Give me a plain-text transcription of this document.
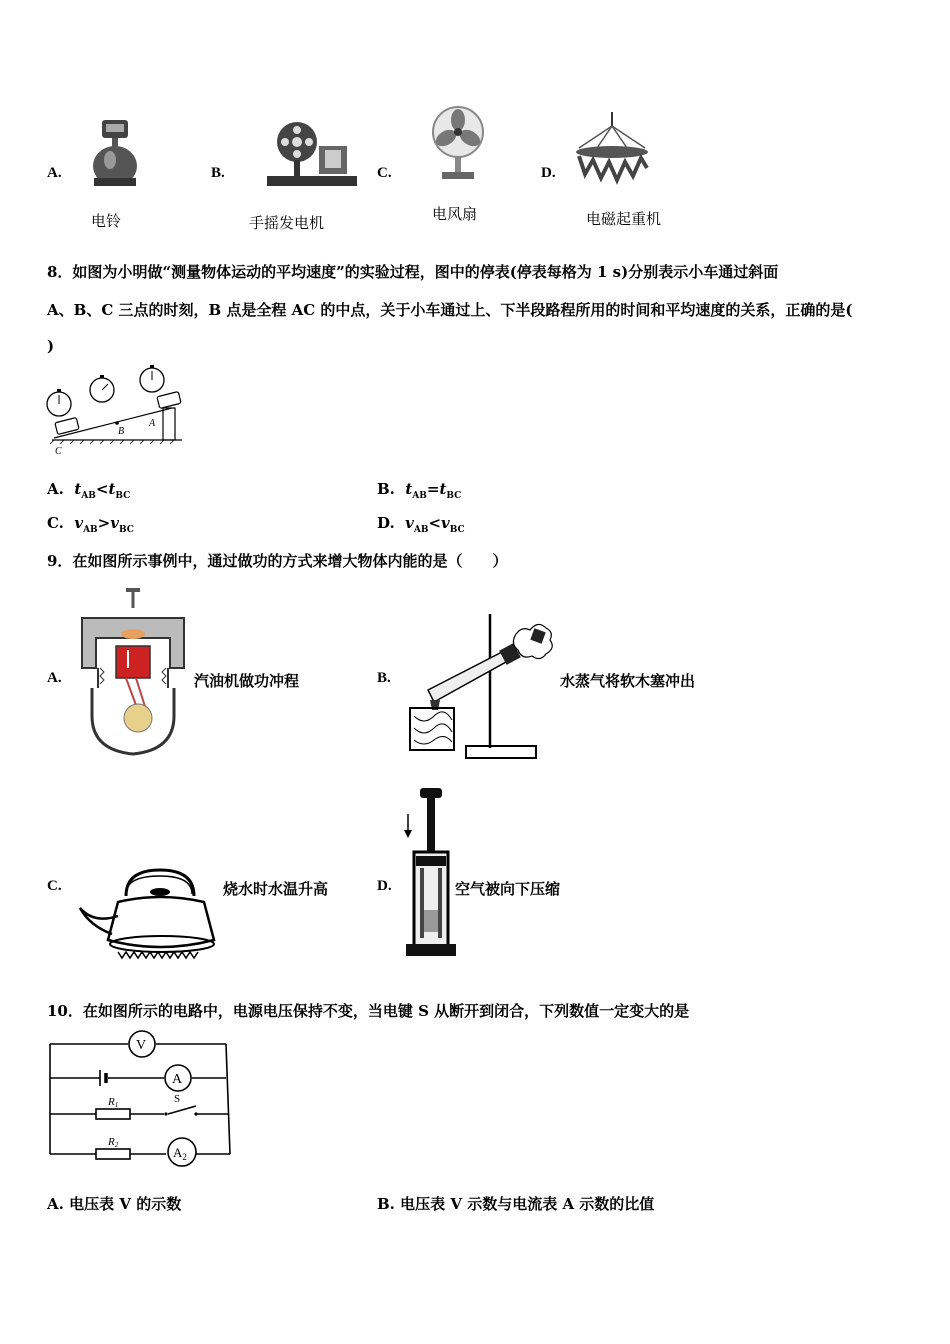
A.
电铃
B.
手摇发电机
C.
电风扇
D.
电磁起重机
8．如图为小明做“测量物体运动的平均速度”的实验过程，图中的停表(停表每格为 1 s)分别表示小车通过斜面
A、B、C 三点的时刻，B 点是全程 AC 的中点，关于小车通过上、下半段路程所用的时间和平均速度的关系，正确的是(
)
A
B
C
A. $t_{AB}<t_{BC}$	B. $t_{AB}=t_{BC}$
C. $v_{AB}>v_{BC}$	D. $v_{AB}<v_{BC}$
9．在如图所示事例中，通过做功的方式来增大物体内能的是（　　）
A.	汽油机做功冲程	B.	水蒸气将软木塞冲出
C.	烧水时水温升高	D.	空气被向下压缩
10．在如图所示的电路中，电源电压保持不变，当电键 S 从断开到闭合，下列数值一定变大的是
V
A
$A_2$
R1
R2
S
A. 电压表 V 的示数	B. 电压表 V 示数与电流表 A 示数的比值
